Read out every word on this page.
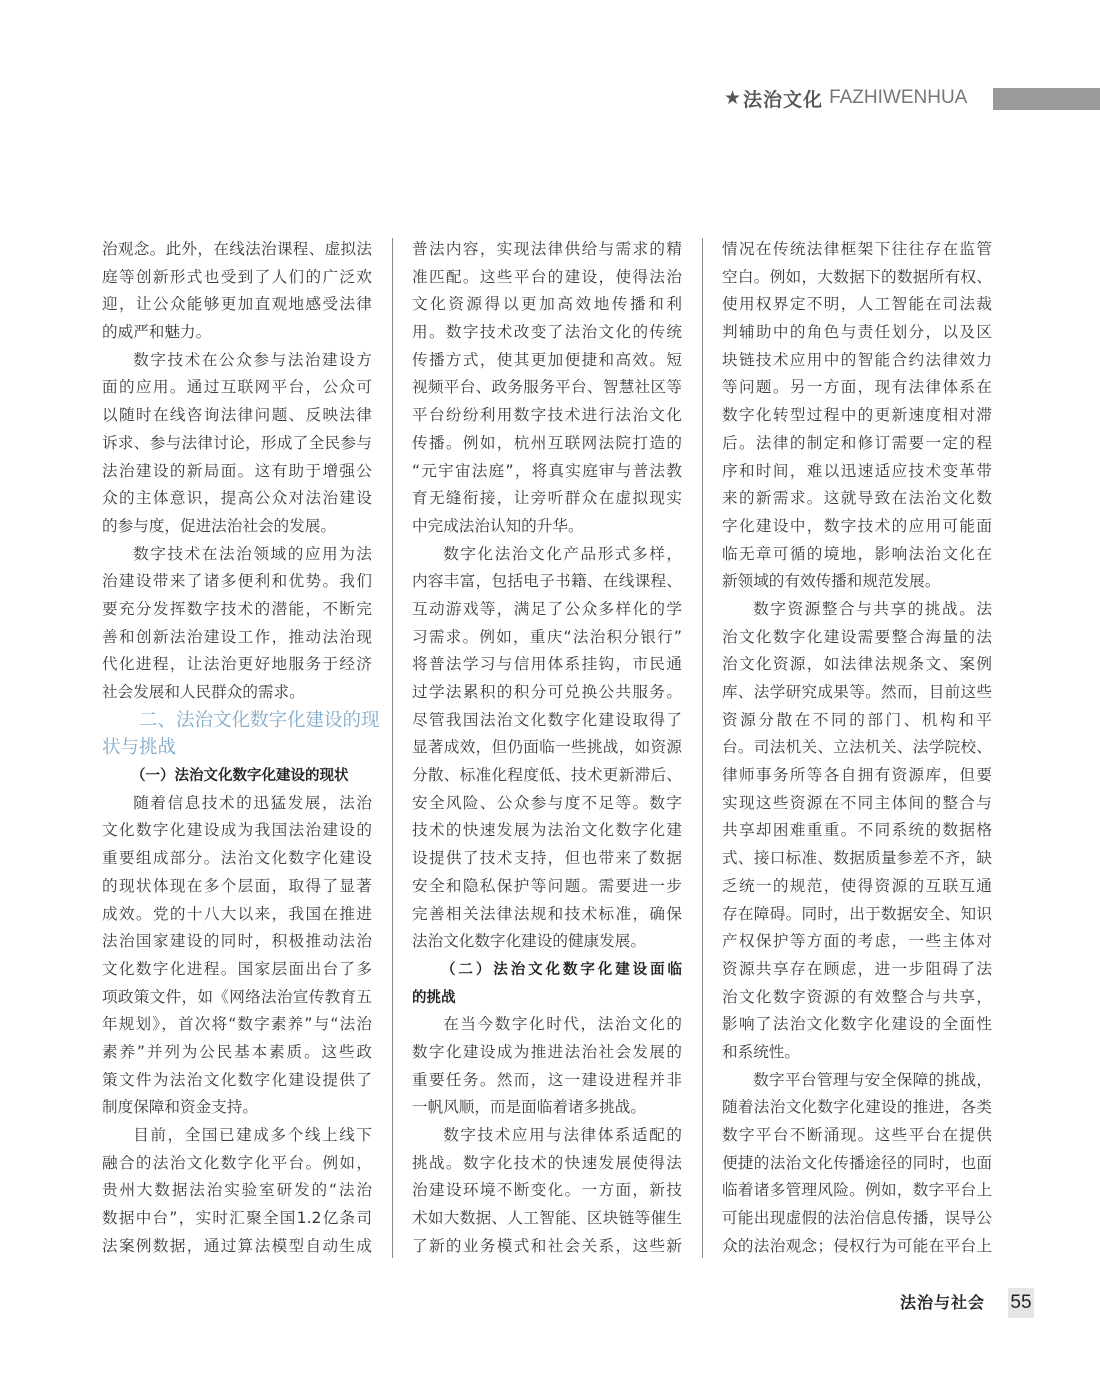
★ 法治文化 FAZHIWENHUA
治观念。此外，在线法治课程、虚拟法
庭等创新形式也受到了人们的广泛欢
迎，让公众能够更加直观地感受法律
的威严和魅力。
数字技术在公众参与法治建设方
面的应用。通过互联网平台，公众可
以随时在线咨询法律问题、反映法律
诉求、参与法律讨论，形成了全民参与
法治建设的新局面。这有助于增强公
众的主体意识，提高公众对法治建设
的参与度，促进法治社会的发展。
数字技术在法治领域的应用为法
治建设带来了诸多便利和优势。我们
要充分发挥数字技术的潜能，不断完
善和创新法治建设工作，推动法治现
代化进程，让法治更好地服务于经济
社会发展和人民群众的需求。
二、法治文化数字化建设的现
状与挑战
（一）法治文化数字化建设的现状
随着信息技术的迅猛发展，法治
文化数字化建设成为我国法治建设的
重要组成部分。法治文化数字化建设
的现状体现在多个层面，取得了显著
成效。党的十八大以来，我国在推进
法治国家建设的同时，积极推动法治
文化数字化进程。国家层面出台了多
项政策文件，如《网络法治宣传教育五
年规划》，首次将“数字素养”与“法治
素养”并列为公民基本素质。这些政
策文件为法治文化数字化建设提供了
制度保障和资金支持。
目前，全国已建成多个线上线下
融合的法治文化数字化平台。例如，
贵州大数据法治实验室研发的“法治
数据中台”，实时汇聚全国1.2亿条司
法案例数据，通过算法模型自动生成
普法内容，实现法律供给与需求的精
准匹配。这些平台的建设，使得法治
文化资源得以更加高效地传播和利
用。数字技术改变了法治文化的传统
传播方式，使其更加便捷和高效。短
视频平台、政务服务平台、智慧社区等
平台纷纷利用数字技术进行法治文化
传播。例如，杭州互联网法院打造的
“元宇宙法庭”，将真实庭审与普法教
育无缝衔接，让旁听群众在虚拟现实
中完成法治认知的升华。
数字化法治文化产品形式多样，
内容丰富，包括电子书籍、在线课程、
互动游戏等，满足了公众多样化的学
习需求。例如，重庆“法治积分银行”
将普法学习与信用体系挂钩，市民通
过学法累积的积分可兑换公共服务。
尽管我国法治文化数字化建设取得了
显著成效，但仍面临一些挑战，如资源
分散、标准化程度低、技术更新滞后、
安全风险、公众参与度不足等。数字
技术的快速发展为法治文化数字化建
设提供了技术支持，但也带来了数据
安全和隐私保护等问题。需要进一步
完善相关法律法规和技术标准，确保
法治文化数字化建设的健康发展。
（二）法治文化数字化建设面临
的挑战
在当今数字化时代，法治文化的
数字化建设成为推进法治社会发展的
重要任务。然而，这一建设进程并非
一帆风顺，而是面临着诸多挑战。
数字技术应用与法律体系适配的
挑战。数字化技术的快速发展使得法
治建设环境不断变化。一方面，新技
术如大数据、人工智能、区块链等催生
了新的业务模式和社会关系，这些新
情况在传统法律框架下往往存在监管
空白。例如，大数据下的数据所有权、
使用权界定不明，人工智能在司法裁
判辅助中的角色与责任划分，以及区
块链技术应用中的智能合约法律效力
等问题。另一方面，现有法律体系在
数字化转型过程中的更新速度相对滞
后。法律的制定和修订需要一定的程
序和时间，难以迅速适应技术变革带
来的新需求。这就导致在法治文化数
字化建设中，数字技术的应用可能面
临无章可循的境地，影响法治文化在
新领域的有效传播和规范发展。
数字资源整合与共享的挑战。法
治文化数字化建设需要整合海量的法
治文化资源，如法律法规条文、案例
库、法学研究成果等。然而，目前这些
资源分散在不同的部门、机构和平
台。司法机关、立法机关、法学院校、
律师事务所等各自拥有资源库，但要
实现这些资源在不同主体间的整合与
共享却困难重重。不同系统的数据格
式、接口标准、数据质量参差不齐，缺
乏统一的规范，使得资源的互联互通
存在障碍。同时，出于数据安全、知识
产权保护等方面的考虑，一些主体对
资源共享存在顾虑，进一步阻碍了法
治文化数字资源的有效整合与共享，
影响了法治文化数字化建设的全面性
和系统性。
数字平台管理与安全保障的挑战，
随着法治文化数字化建设的推进，各类
数字平台不断涌现。这些平台在提供
便捷的法治文化传播途径的同时，也面
临着诸多管理风险。例如，数字平台上
可能出现虚假的法治信息传播，误导公
众的法治观念；侵权行为可能在平台上
法治与社会 55
